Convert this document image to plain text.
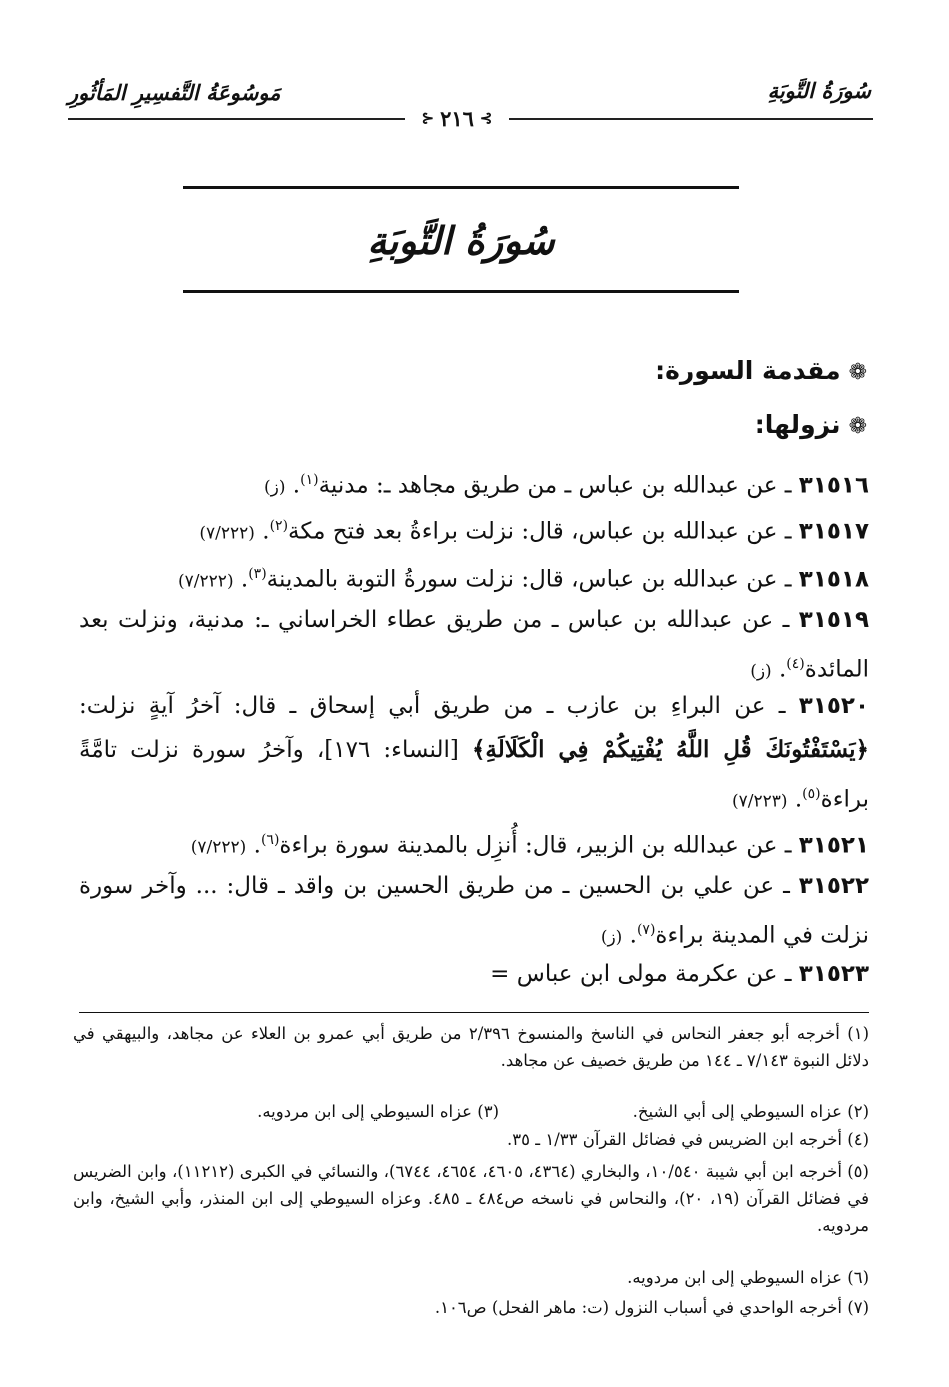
سُورَةُ التَّوبَةِ
مَوسُوعَةُ التَّفسِيرِ المَأثُورِ
⊱
٢١٦
⊰
سُورَةُ التَّوبَةِ
❁مقدمة السورة:
❁نزولها:
٣١٥١٦ ـ عن عبدالله بن عباس ـ من طريق مجاهد ـ: مدنية$^{(١)}$. (ز)
٣١٥١٧ ـ عن عبدالله بن عباس، قال: نزلت براءةُ بعد فتح مكة$^{(٢)}$. (٧/٢٢٢)
٣١٥١٨ ـ عن عبدالله بن عباس، قال: نزلت سورةُ التوبة بالمدينة$^{(٣)}$. (٧/٢٢٢)
٣١٥١٩ ـ عن عبدالله بن عباس ـ من طريق عطاء الخراساني ـ: مدنية، ونزلت بعد المائدة$^{(٤)}$. (ز)
٣١٥٢٠ ـ عن البراءِ بن عازب ـ من طريق أبي إسحاق ـ قال: آخرُ آيةٍ نزلت: ﴿يَسْتَفْتُونَكَ قُلِ اللَّهُ يُفْتِيكُمْ فِي الْكَلَالَةِ﴾ [النساء: ١٧٦]، وآخرُ سورة نزلت تامَّةً براءة$^{(٥)}$. (٧/٢٢٣)
٣١٥٢١ ـ عن عبدالله بن الزبير، قال: أُنزِل بالمدينة سورة براءة$^{(٦)}$. (٧/٢٢٢)
٣١٥٢٢ ـ عن علي بن الحسين ـ من طريق الحسين بن واقد ـ قال: ... وآخر سورة نزلت في المدينة براءة$^{(٧)}$. (ز)
٣١٥٢٣ ـ عن عكرمة مولى ابن عباس =
(١) أخرجه أبو جعفر النحاس في الناسخ والمنسوخ ٢/٣٩٦ من طريق أبي عمرو بن العلاء عن مجاهد، والبيهقي في دلائل النبوة ٧/١٤٣ ـ ١٤٤ من طريق خصيف عن مجاهد.
(٢) عزاه السيوطي إلى أبي الشيخ.
(٣) عزاه السيوطي إلى ابن مردويه.
(٤) أخرجه ابن الضريس في فضائل القرآن ١/٣٣ ـ ٣٥.
(٥) أخرجه ابن أبي شيبة ١٠/٥٤٠، والبخاري (٤٣٦٤، ٤٦٠٥، ٤٦٥٤، ٦٧٤٤)، والنسائي في الكبرى (١١٢١٢)، وابن الضريس في فضائل القرآن (١٩، ٢٠)، والنحاس في ناسخه ص٤٨٤ ـ ٤٨٥. وعزاه السيوطي إلى ابن المنذر، وأبي الشيخ، وابن مردويه.
(٦) عزاه السيوطي إلى ابن مردويه.
(٧) أخرجه الواحدي في أسباب النزول (ت: ماهر الفحل) ص١٠٦.
